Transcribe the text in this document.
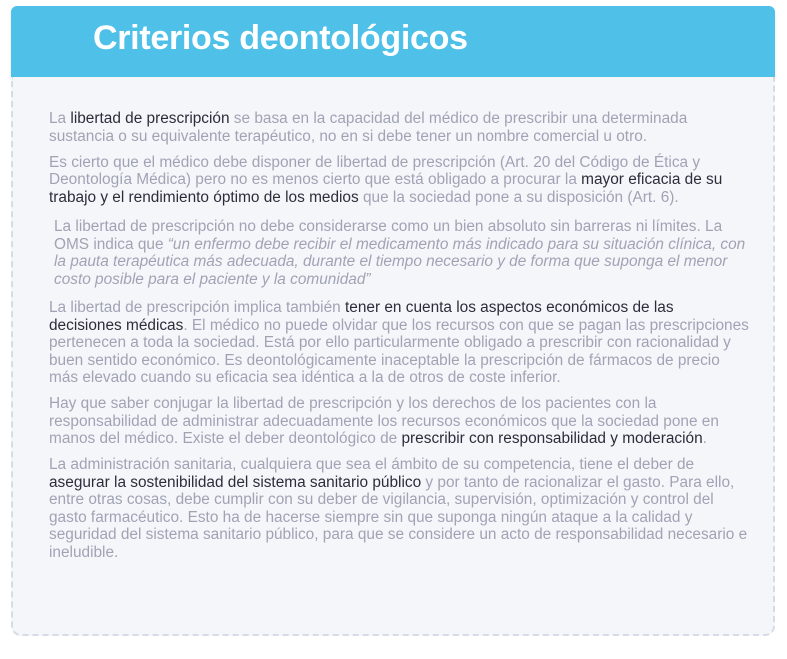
Criterios deontológicos

La libertad de prescripción se basa en la capacidad del médico de prescribir una determinada sustancia o su equivalente terapéutico, no en si debe tener un nombre comercial u otro.

Es cierto que el médico debe disponer de libertad de prescripción (Art. 20 del Código de Ética y Deontología Médica) pero no es menos cierto que está obligado a procurar la mayor eficacia de su trabajo y el rendimiento óptimo de los medios que la sociedad pone a su disposición (Art. 6).

La libertad de prescripción no debe considerarse como un bien absoluto sin barreras ni límites. La OMS indica que “un enfermo debe recibir el medicamento más indicado para su situación clínica, con la pauta terapéutica más adecuada, durante el tiempo necesario y de forma que suponga el menor costo posible para el paciente y la comunidad”

La libertad de prescripción implica también tener en cuenta los aspectos económicos de las decisiones médicas. El médico no puede olvidar que los recursos con que se pagan las prescripciones pertenecen a toda la sociedad. Está por ello particularmente obligado a prescribir con racionalidad y buen sentido económico. Es deontológicamente inaceptable la prescripción de fármacos de precio más elevado cuando su eficacia sea idéntica a la de otros de coste inferior.

Hay que saber conjugar la libertad de prescripción y los derechos de los pacientes con la responsabilidad de administrar adecuadamente los recursos económicos que la sociedad pone en manos del médico. Existe el deber deontológico de prescribir con responsabilidad y moderación.

La administración sanitaria, cualquiera que sea el ámbito de su competencia, tiene el deber de asegurar la sostenibilidad del sistema sanitario público y por tanto de racionalizar el gasto. Para ello, entre otras cosas, debe cumplir con su deber de vigilancia, supervisión, optimización y control del gasto farmacéutico. Esto ha de hacerse siempre sin que suponga ningún ataque a la calidad y seguridad del sistema sanitario público, para que se considere un acto de responsabilidad necesario e ineludible.
